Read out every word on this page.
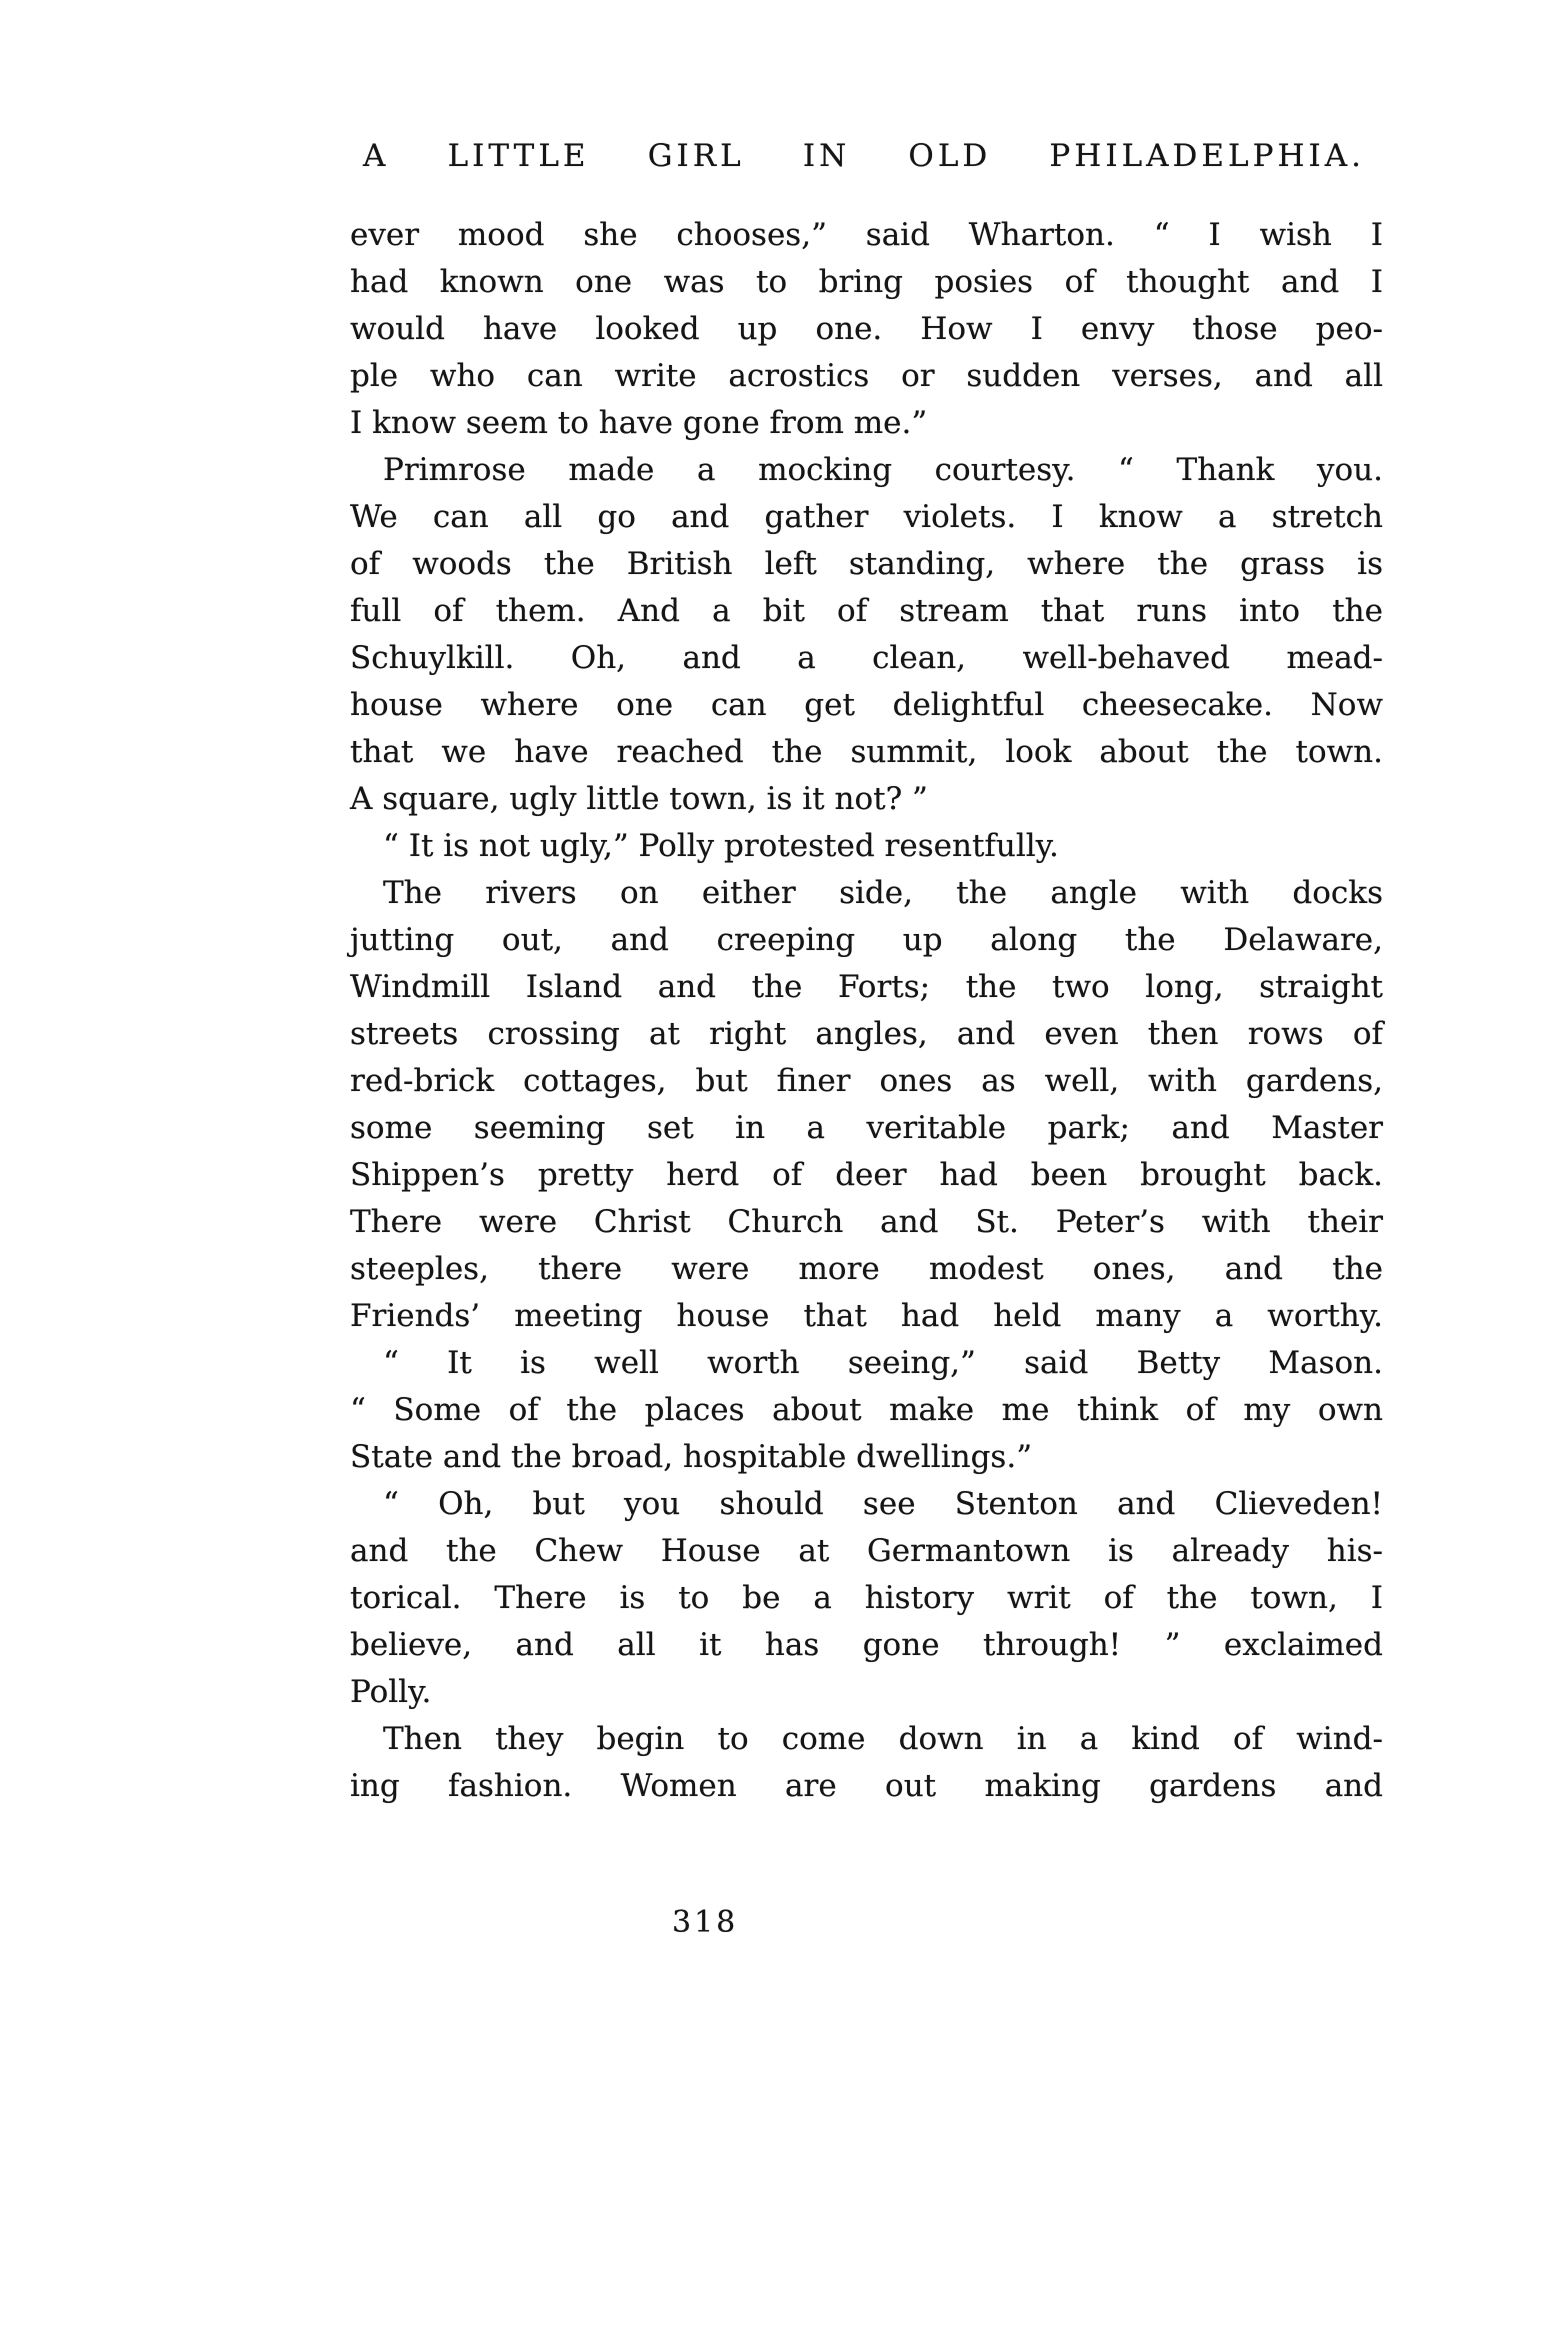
A LITTLE GIRL IN OLD PHILADELPHIA.
ever mood she chooses,” said Wharton. “ I wish I
had known one was to bring posies of thought and I
would have looked up one. How I envy those peo-
ple who can write acrostics or sudden verses, and all
I know seem to have gone from me.”
Primrose made a mocking courtesy. “ Thank you.
We can all go and gather violets. I know a stretch
of woods the British left standing, where the grass is
full of them. And a bit of stream that runs into the
Schuylkill. Oh, and a clean, well-behaved mead-
house where one can get delightful cheesecake. Now
that we have reached the summit, look about the town.
A square, ugly little town, is it not? ”
“ It is not ugly,” Polly protested resentfully.
The rivers on either side, the angle with docks
jutting out, and creeping up along the Delaware,
Windmill Island and the Forts; the two long, straight
streets crossing at right angles, and even then rows of
red-brick cottages, but finer ones as well, with gardens,
some seeming set in a veritable park; and Master
Shippen’s pretty herd of deer had been brought back.
There were Christ Church and St. Peter’s with their
steeples, there were more modest ones, and the
Friends’ meeting house that had held many a worthy.
“ It is well worth seeing,” said Betty Mason.
“ Some of the places about make me think of my own
State and the broad, hospitable dwellings.”
“ Oh, but you should see Stenton and Clieveden!
and the Chew House at Germantown is already his-
torical. There is to be a history writ of the town, I
believe, and all it has gone through! ” exclaimed
Polly.
Then they begin to come down in a kind of wind-
ing fashion. Women are out making gardens and
318
